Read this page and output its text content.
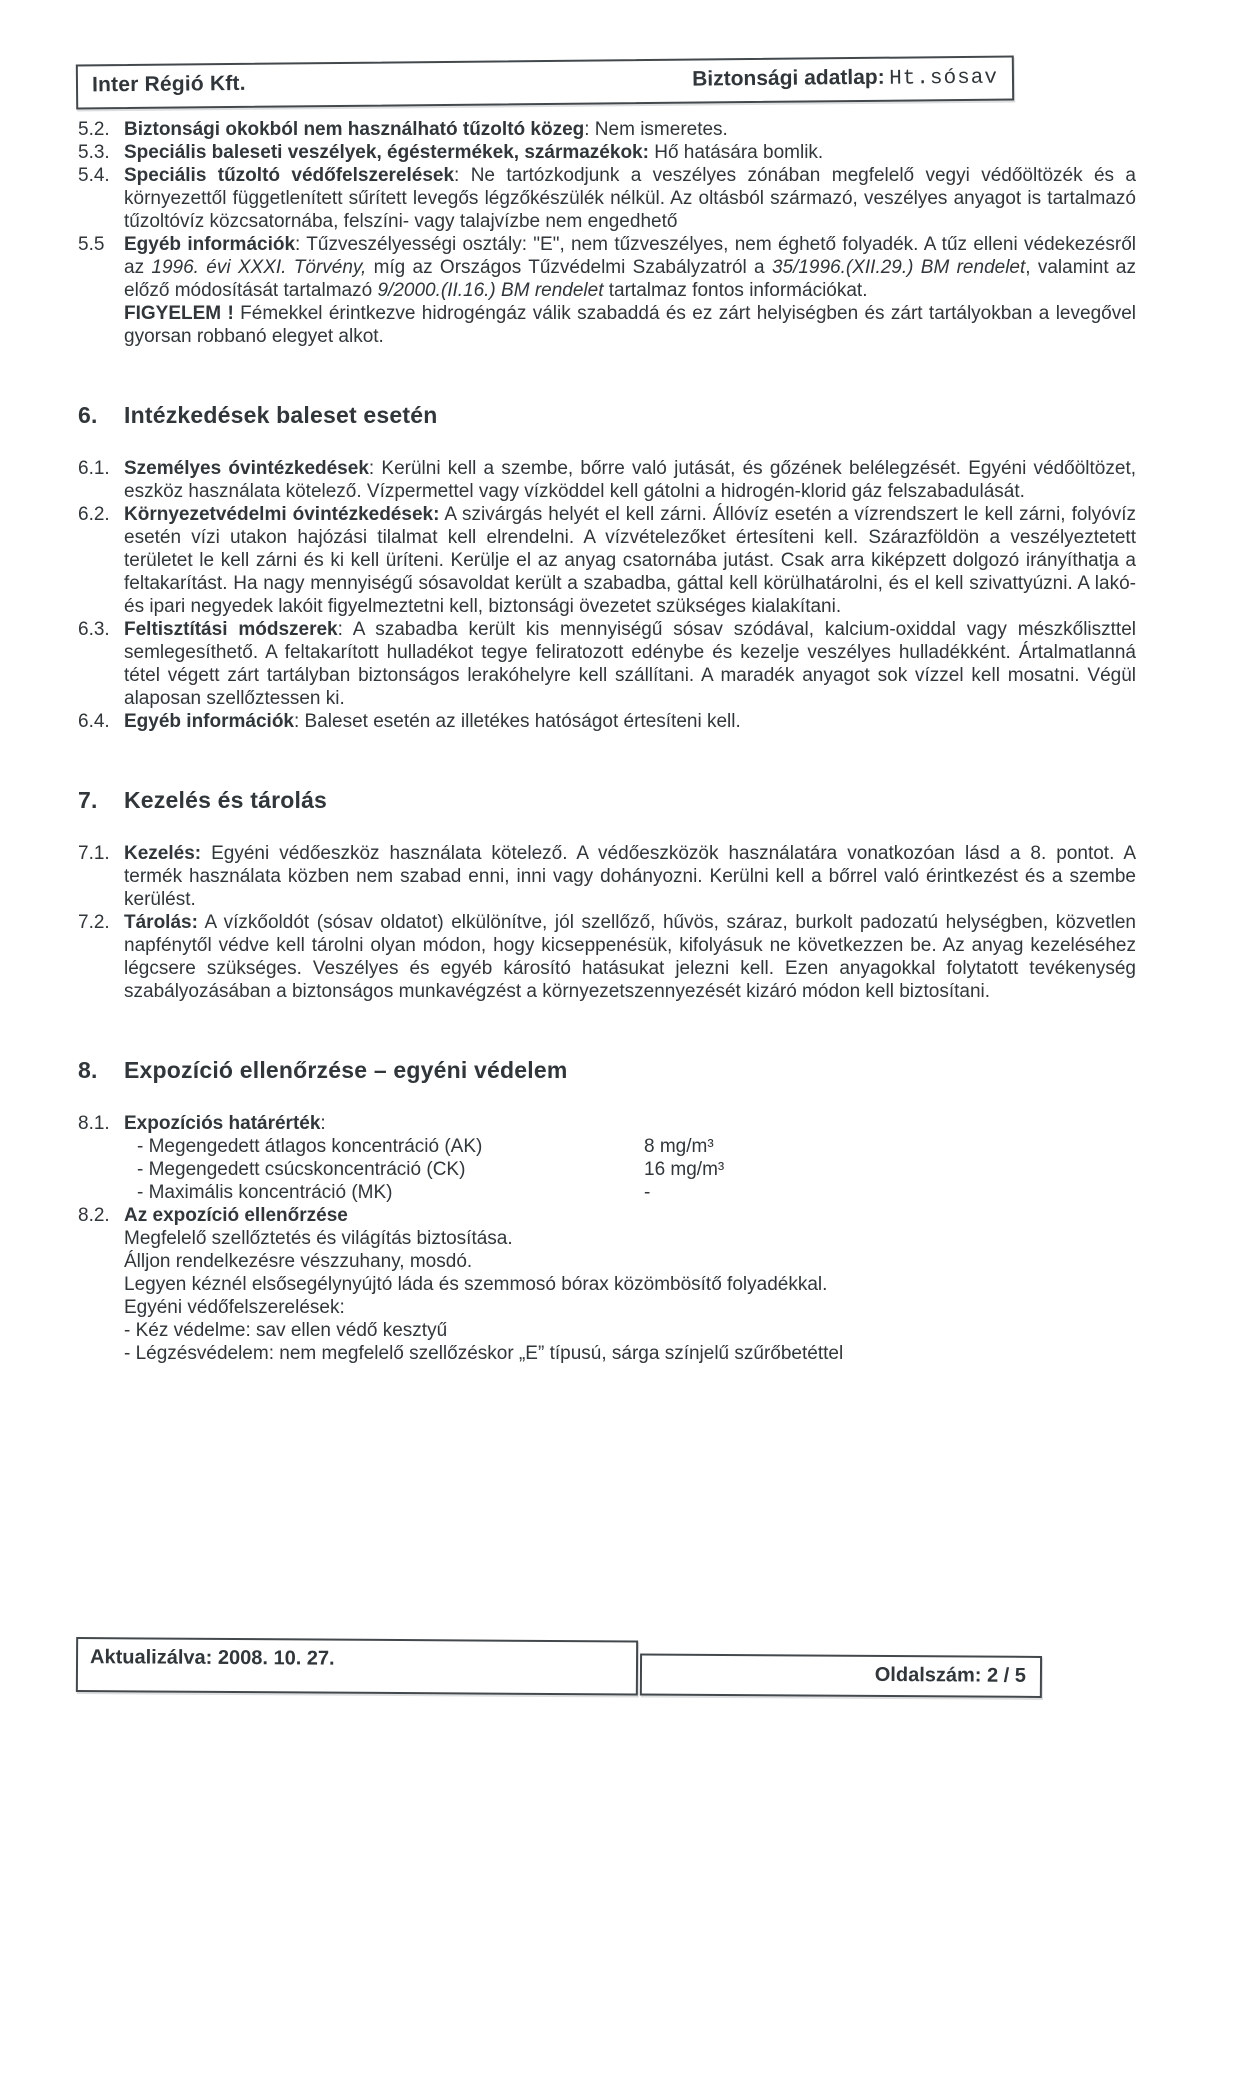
Inter Régió Kft.	Biztonsági adatlap: Ht.sósav
5.2. Biztonsági okokból nem használható tűzoltó közeg: Nem ismeretes.
5.3. Speciális baleseti veszélyek, égéstermékek, származékok: Hő hatására bomlik.
5.4. Speciális tűzoltó védőfelszerelések: Ne tartózkodjunk a veszélyes zónában megfelelő vegyi védőöltözék és a környezettől függetlenített sűrített levegős légzőkészülék nélkül. Az oltásból származó, veszélyes anyagot is tartalmazó tűzoltóvíz közcsatornába, felszíni- vagy talajvízbe nem engedhető
5.5	Egyéb információk: Tűzveszélyességi osztály: "E", nem tűzveszélyes, nem éghető folyadék. A tűz elleni védekezésről az 1996. évi XXXI. Törvény, míg az Országos Tűzvédelmi Szabályzatról a 35/1996.(XII.29.) BM rendelet, valamint az előző módosítását tartalmazó 9/2000.(II.16.) BM rendelet tartalmaz fontos információkat.
FIGYELEM ! Fémekkel érintkezve hidrogéngáz válik szabaddá és ez zárt helyiségben és zárt tartályokban a levegővel gyorsan robbanó elegyet alkot.
6.	Intézkedések baleset esetén
6.1. Személyes óvintézkedések: Kerülni kell a szembe, bőrre való jutását, és gőzének belélegzését. Egyéni védőöltözet, eszköz használata kötelező. Vízpermettel vagy vízköddel kell gátolni a hidrogén-klorid gáz felszabadulását.
6.2. Környezetvédelmi óvintézkedések: A szivárgás helyét el kell zárni. Állóvíz esetén a vízrendszert le kell zárni, folyóvíz esetén vízi utakon hajózási tilalmat kell elrendelni. A vízvételezőket értesíteni kell. Szárazföldön a veszélyeztetett területet le kell zárni és ki kell üríteni. Kerülje el az anyag csatornába jutást. Csak arra kiképzett dolgozó irányíthatja a feltakarítást. Ha nagy mennyiségű sósavoldat került a szabadba, gáttal kell körülhatárolni, és el kell szivattyúzni. A lakó- és ipari negyedek lakóit figyelmeztetni kell, biztonsági övezetet szükséges kialakítani.
6.3. Feltisztítási módszerek: A szabadba került kis mennyiségű sósav szódával, kalcium-oxiddal vagy mészkőliszttel semlegesíthető. A feltakarított hulladékot tegye feliratozott edénybe és kezelje veszélyes hulladékként. Ártalmatlanná tétel végett zárt tartályban biztonságos lerakóhelyre kell szállítani. A maradék anyagot sok vízzel kell mosatni. Végül alaposan szellőztessen ki.
6.4. Egyéb információk: Baleset esetén az illetékes hatóságot értesíteni kell.
7.	Kezelés és tárolás
7.1. Kezelés: Egyéni védőeszköz használata kötelező. A védőeszközök használatára vonatkozóan lásd a 8. pontot. A termék használata közben nem szabad enni, inni vagy dohányozni. Kerülni kell a bőrrel való érintkezést és a szembe kerülést.
7.2. Tárolás: A vízkőoldót (sósav oldatot) elkülönítve, jól szellőző, hűvös, száraz, burkolt padozatú helységben, közvetlen napfénytől védve kell tárolni olyan módon, hogy kicseppenésük, kifolyásuk ne következzen be. Az anyag kezeléséhez légcsere szükséges. Veszélyes és egyéb károsító hatásukat jelezni kell. Ezen anyagokkal folytatott tevékenység szabályozásában a biztonságos munkavégzést a környezetszennyezését kizáró módon kell biztosítani.
8.	Expozíció ellenőrzése – egyéni védelem
8.1. Expozíciós határérték:
- Megengedett átlagos koncentráció (AK)	8 mg/m³
- Megengedett csúcskoncentráció (CK)	16 mg/m³
- Maximális koncentráció (MK)	-
8.2. Az expozíció ellenőrzése
Megfelelő szellőztetés és világítás biztosítása.
Álljon rendelkezésre vészzuhany, mosdó.
Legyen kéznél elsősegélynyújtó láda és szemmosó bórax közömbösítő folyadékkal.
Egyéni védőfelszerelések:
- Kéz védelme: sav ellen védő kesztyű
- Légzésvédelem: nem megfelelő szellőzéskor „E” típusú, sárga színjelű szűrőbetéttel
Aktualizálva: 2008. 10. 27.
Oldalszám: 2 / 5
